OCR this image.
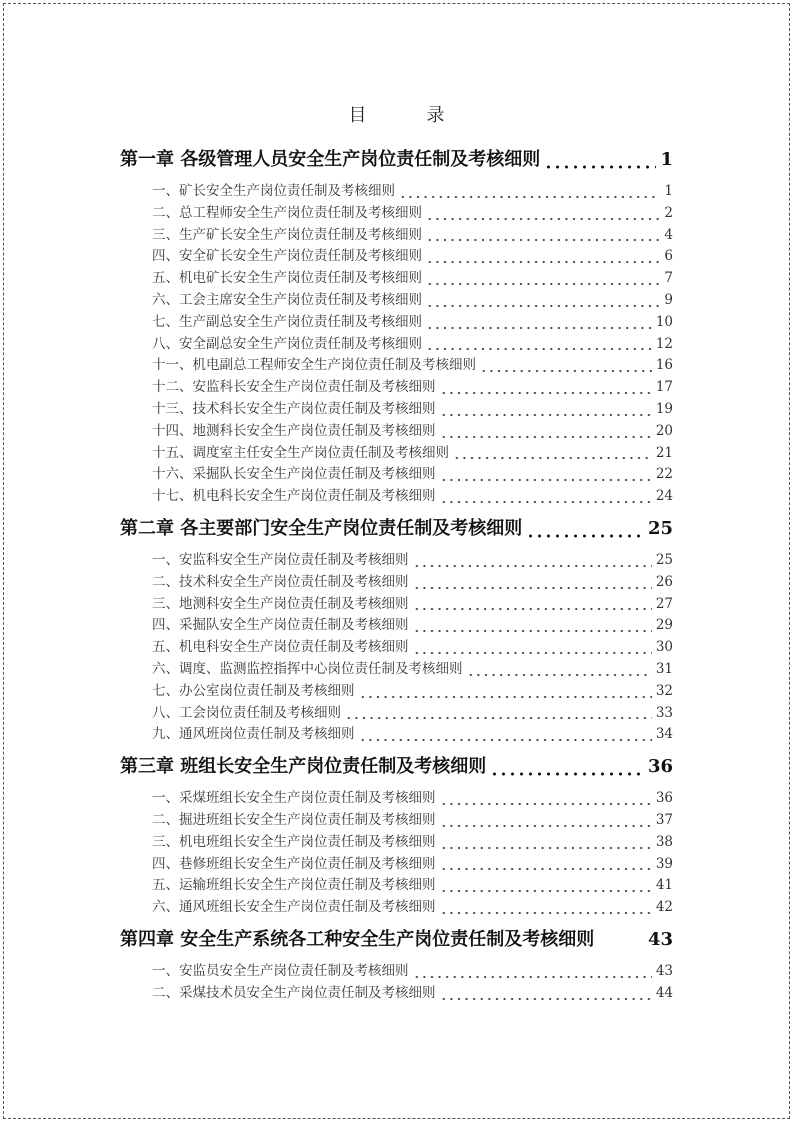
目	录
第一章 各级管理人员安全生产岗位责任制及考核细则	1
一、矿长安全生产岗位责任制及考核细则	1
二、总工程师安全生产岗位责任制及考核细则	2
三、生产矿长安全生产岗位责任制及考核细则	4
四、安全矿长安全生产岗位责任制及考核细则	6
五、机电矿长安全生产岗位责任制及考核细则	7
六、工会主席安全生产岗位责任制及考核细则	9
七、生产副总安全生产岗位责任制及考核细则	10
八、安全副总安全生产岗位责任制及考核细则	12
十一、机电副总工程师安全生产岗位责任制及考核细则	16
十二、安监科长安全生产岗位责任制及考核细则	17
十三、技术科长安全生产岗位责任制及考核细则	19
十四、地测科长安全生产岗位责任制及考核细则	20
十五、调度室主任安全生产岗位责任制及考核细则	21
十六、采掘队长安全生产岗位责任制及考核细则	22
十七、机电科长安全生产岗位责任制及考核细则	24
第二章 各主要部门安全生产岗位责任制及考核细则	25
一、安监科安全生产岗位责任制及考核细则	25
二、技术科安全生产岗位责任制及考核细则	26
三、地测科安全生产岗位责任制及考核细则	27
四、采掘队安全生产岗位责任制及考核细则	29
五、机电科安全生产岗位责任制及考核细则	30
六、调度、监测监控指挥中心岗位责任制及考核细则	31
七、办公室岗位责任制及考核细则	32
八、工会岗位责任制及考核细则	33
九、通风班岗位责任制及考核细则	34
第三章 班组长安全生产岗位责任制及考核细则	36
一、采煤班组长安全生产岗位责任制及考核细则	36
二、掘进班组长安全生产岗位责任制及考核细则	37
三、机电班组长安全生产岗位责任制及考核细则	38
四、巷修班组长安全生产岗位责任制及考核细则	39
五、运输班组长安全生产岗位责任制及考核细则	41
六、通风班组长安全生产岗位责任制及考核细则	42
第四章 安全生产系统各工种安全生产岗位责任制及考核细则	43
一、安监员安全生产岗位责任制及考核细则	43
二、采煤技术员安全生产岗位责任制及考核细则	44
